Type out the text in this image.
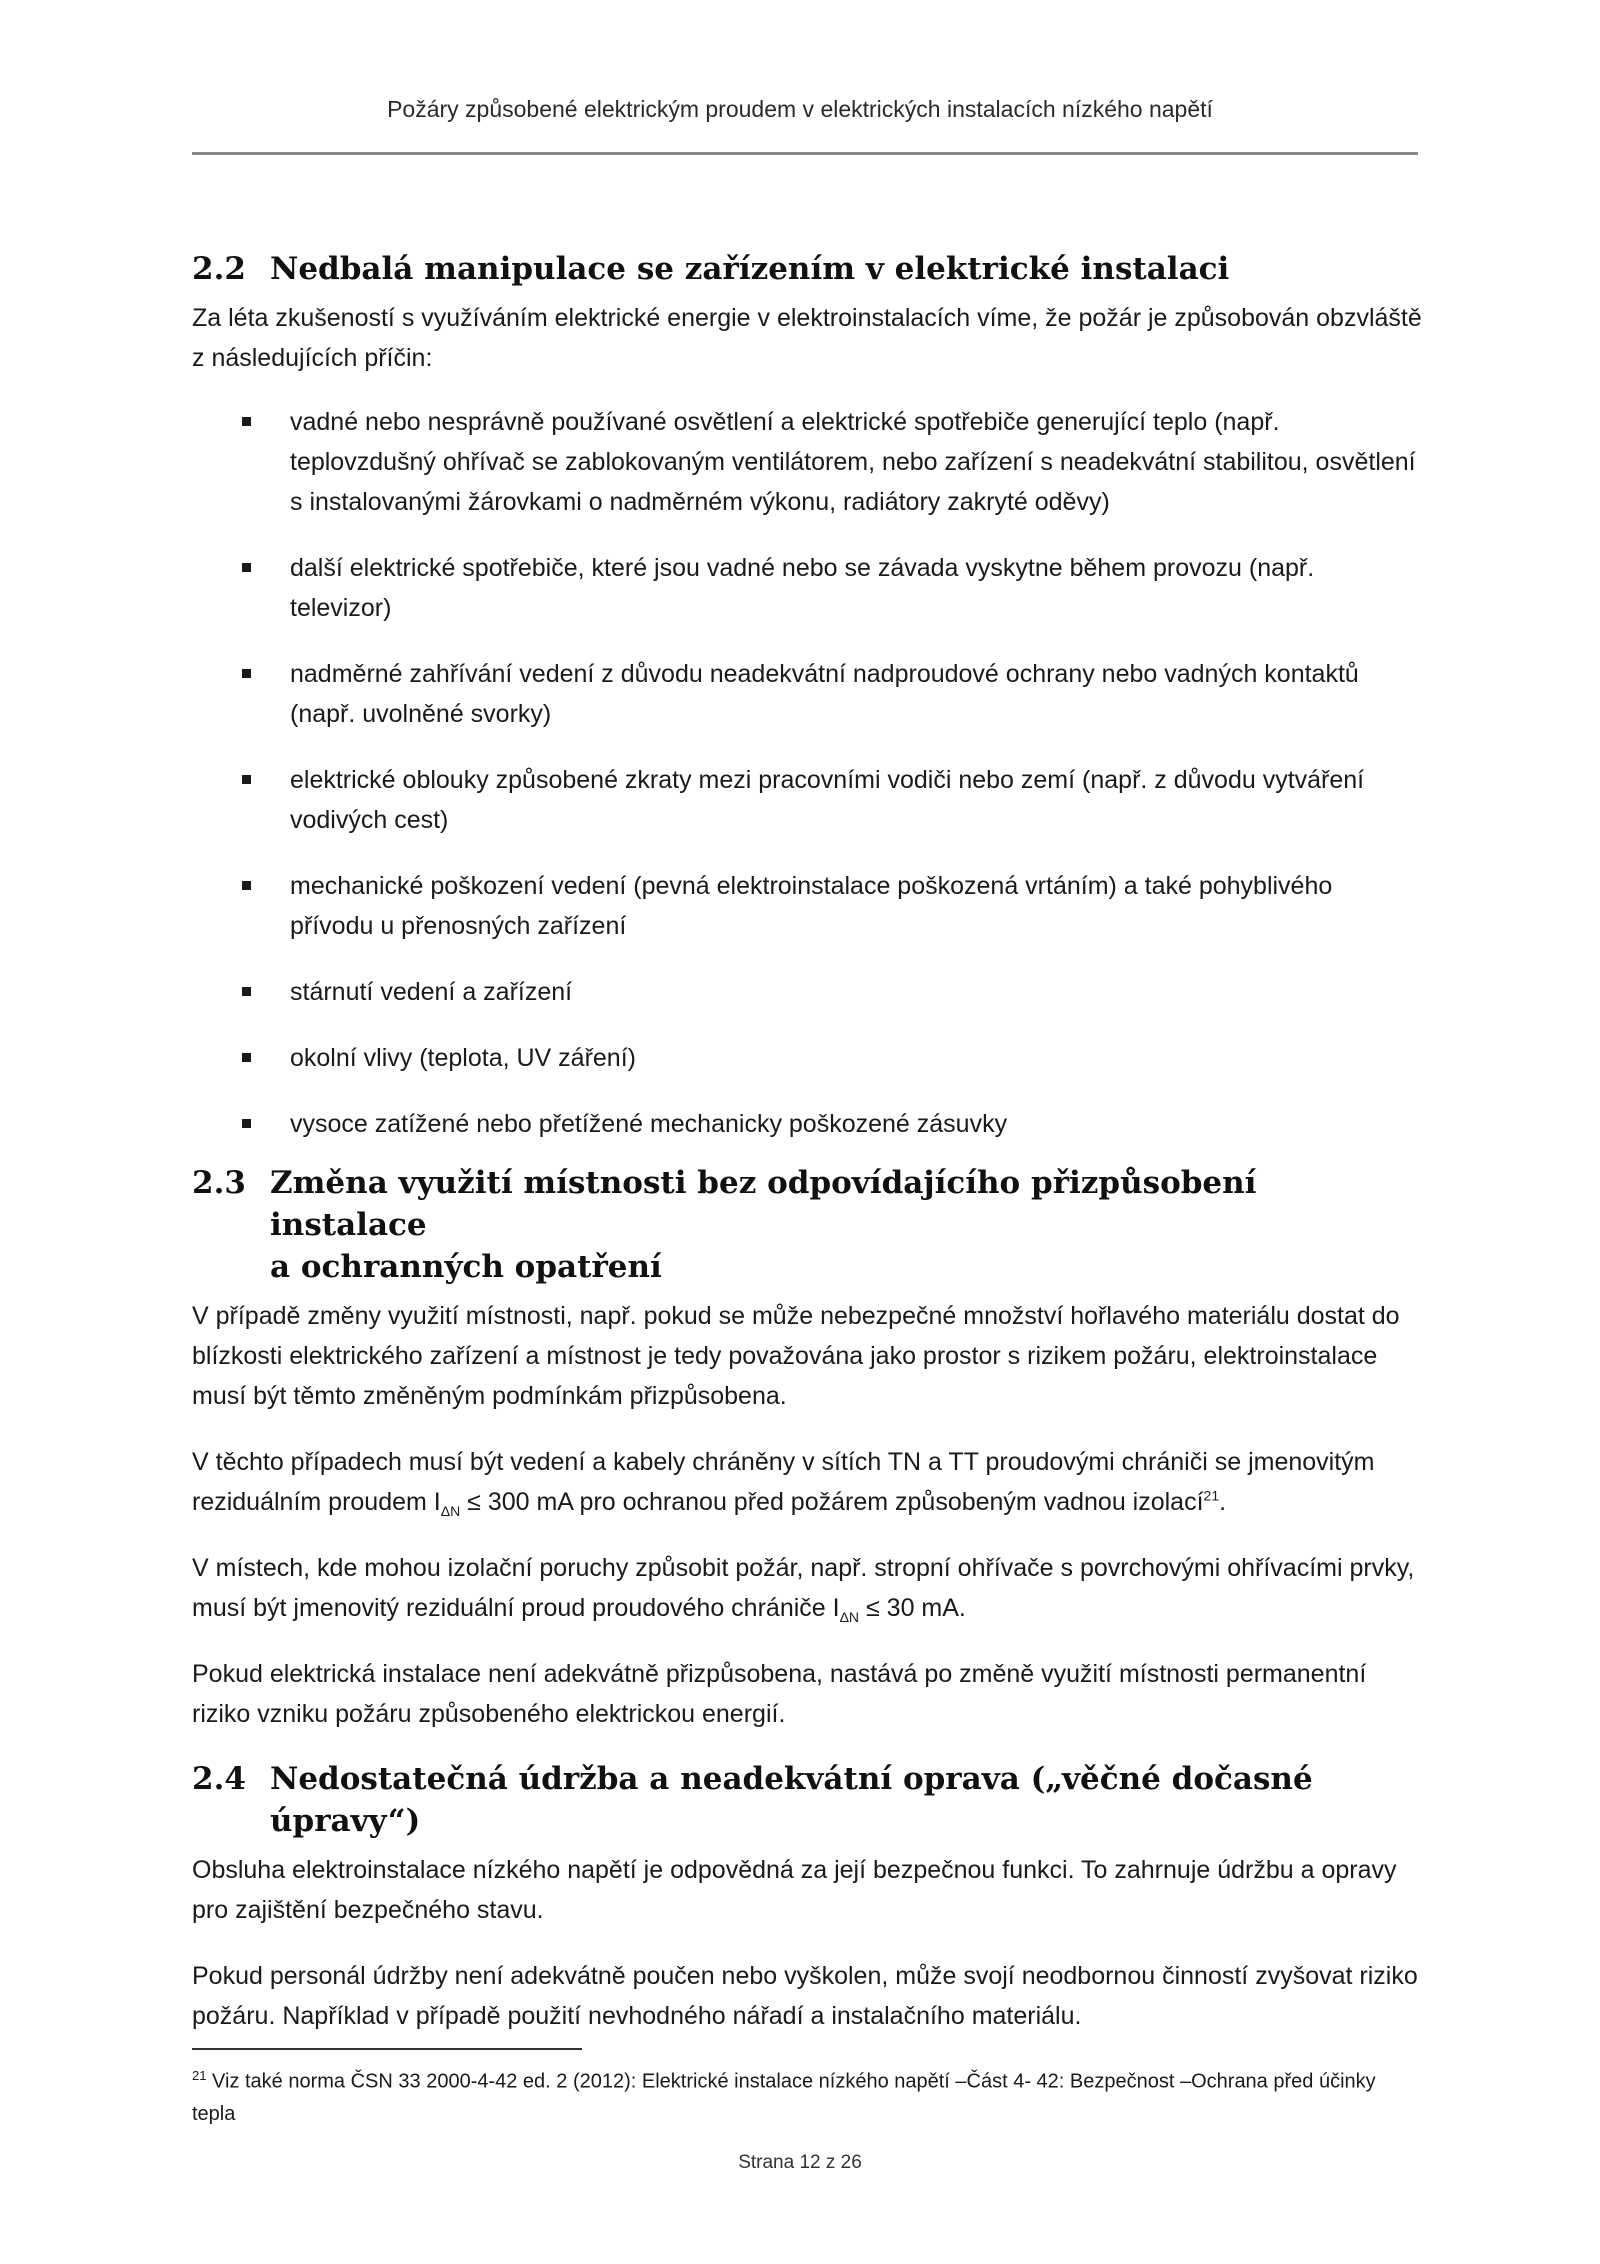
Požáry způsobené elektrickým proudem v elektrických instalacích nízkého napětí
2.2 Nedbalá manipulace se zařízením v elektrické instalaci

Za léta zkušeností s využíváním elektrické energie v elektroinstalacích víme, že požár je způsobován obzvláště z následujících příčin:

vadné nebo nesprávně používané osvětlení a elektrické spotřebiče generující teplo (např. teplovzdušný ohřívač se zablokovaným ventilátorem, nebo zařízení s neadekvátní stabilitou, osvětlení s instalovanými žárovkami o nadměrném výkonu, radiátory zakryté oděvy)
další elektrické spotřebiče, které jsou vadné nebo se závada vyskytne během provozu (např. televizor)
nadměrné zahřívání vedení z důvodu neadekvátní nadproudové ochrany nebo vadných kontaktů (např. uvolněné svorky)
elektrické oblouky způsobené zkraty mezi pracovními vodiči nebo zemí (např. z důvodu vytváření vodivých cest)
mechanické poškození vedení (pevná elektroinstalace poškozená vrtáním) a také pohyblivého přívodu u přenosných zařízení
stárnutí vedení a zařízení
okolní vlivy (teplota, UV záření)
vysoce zatížené nebo přetížené mechanicky poškozené zásuvky
2.3 Změna využití místnosti bez odpovídajícího přizpůsobení instalace
a ochranných opatření

V případě změny využití místnosti, např. pokud se může nebezpečné množství hořlavého materiálu dostat do blízkosti elektrického zařízení a místnost je tedy považována jako prostor s rizikem požáru, elektroinstalace musí být těmto změněným podmínkám přizpůsobena.

V těchto případech musí být vedení a kabely chráněny v sítích TN a TT proudovými chrániči se jmenovitým reziduálním proudem $I_{\Delta N} \le 300$ mA pro ochranou před požárem způsobeným vadnou izolací$^{21}$.

V místech, kde mohou izolační poruchy způsobit požár, např. stropní ohřívače s povrchovými ohřívacími prvky, musí být jmenovitý reziduální proud proudového chrániče $I_{\Delta N} \le 30$ mA.

Pokud elektrická instalace není adekvátně přizpůsobena, nastává po změně využití místnosti permanentní riziko vzniku požáru způsobeného elektrickou energií.

2.4 Nedostatečná údržba a neadekvátní oprava („věčné dočasné úpravy“)

Obsluha elektroinstalace nízkého napětí je odpovědná za její bezpečnou funkci. To zahrnuje údržbu a opravy pro zajištění bezpečného stavu.

Pokud personál údržby není adekvátně poučen nebo vyškolen, může svojí neodbornou činností zvyšovat riziko požáru. Například v případě použití nevhodného nářadí a instalačního materiálu.

$^{21}$ Viz také norma ČSN 33 2000-4-42 ed. 2 (2012): Elektrické instalace nízkého napětí –Část 4- 42: Bezpečnost –Ochrana před účinky tepla
Strana 12 z 26
